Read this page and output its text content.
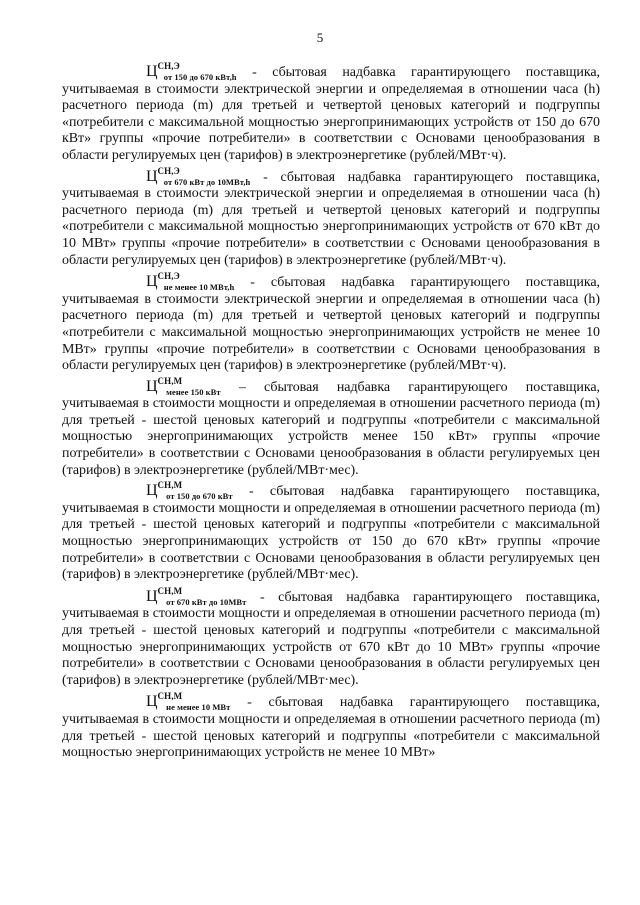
5

$Ц^{СН,Э}_{от 150 до 670 кВт,h}$ - сбытовая надбавка гарантирующего поставщика, учитываемая в стоимости электрической энергии и определяемая в отношении часа (h) расчетного периода (m) для третьей и четвертой ценовых категорий и подгруппы «потребители с максимальной мощностью энергопринимающих устройств от 150 до 670 кВт» группы «прочие потребители» в соответствии с Основами ценообразования в области регулируемых цен (тарифов) в электроэнергетике (рублей/МВт·ч).

$Ц^{СН,Э}_{от 670 кВт до 10МВт,h}$ - сбытовая надбавка гарантирующего поставщика, учитываемая в стоимости электрической энергии и определяемая в отношении часа (h) расчетного периода (m) для третьей и четвертой ценовых категорий и подгруппы «потребители с максимальной мощностью энергопринимающих устройств от 670 кВт до 10 МВт» группы «прочие потребители» в соответствии с Основами ценообразования в области регулируемых цен (тарифов) в электроэнергетике (рублей/МВт·ч).

$Ц^{СН,Э}_{не менее 10 МВт,h}$ - сбытовая надбавка гарантирующего поставщика, учитываемая в стоимости электрической энергии и определяемая в отношении часа (h) расчетного периода (m) для третьей и четвертой ценовых категорий и подгруппы «потребители с максимальной мощностью энергопринимающих устройств не менее 10 МВт» группы «прочие потребители» в соответствии с Основами ценообразования в области регулируемых цен (тарифов) в электроэнергетике (рублей/МВт·ч).

$Ц^{СН,М}_{менее 150 кВт}$ – сбытовая надбавка гарантирующего поставщика, учитываемая в стоимости мощности и определяемая в отношении расчетного периода (m) для третьей - шестой ценовых категорий и подгруппы «потребители с максимальной мощностью энергопринимающих устройств менее 150 кВт» группы «прочие потребители» в соответствии с Основами ценообразования в области регулируемых цен (тарифов) в электроэнергетике (рублей/МВт·мес).

$Ц^{СН,М}_{от 150 до 670 кВт}$ - сбытовая надбавка гарантирующего поставщика, учитываемая в стоимости мощности и определяемая в отношении расчетного периода (m) для третьей - шестой ценовых категорий и подгруппы «потребители с максимальной мощностью энергопринимающих устройств от 150 до 670 кВт» группы «прочие потребители» в соответствии с Основами ценообразования в области регулируемых цен (тарифов) в электроэнергетике (рублей/МВт·мес).

$Ц^{СН,М}_{от 670 кВт до 10МВт}$ - сбытовая надбавка гарантирующего поставщика, учитываемая в стоимости мощности и определяемая в отношении расчетного периода (m) для третьей - шестой ценовых категорий и подгруппы «потребители с максимальной мощностью энергопринимающих устройств от 670 кВт до 10 МВт» группы «прочие потребители» в соответствии с Основами ценообразования в области регулируемых цен (тарифов) в электроэнергетике (рублей/МВт·мес).

$Ц^{СН,М}_{не менее 10 МВт}$ - сбытовая надбавка гарантирующего поставщика, учитываемая в стоимости мощности и определяемая в отношении расчетного периода (m) для третьей - шестой ценовых категорий и подгруппы «потребители с максимальной мощностью энергопринимающих устройств не менее 10 МВт»
